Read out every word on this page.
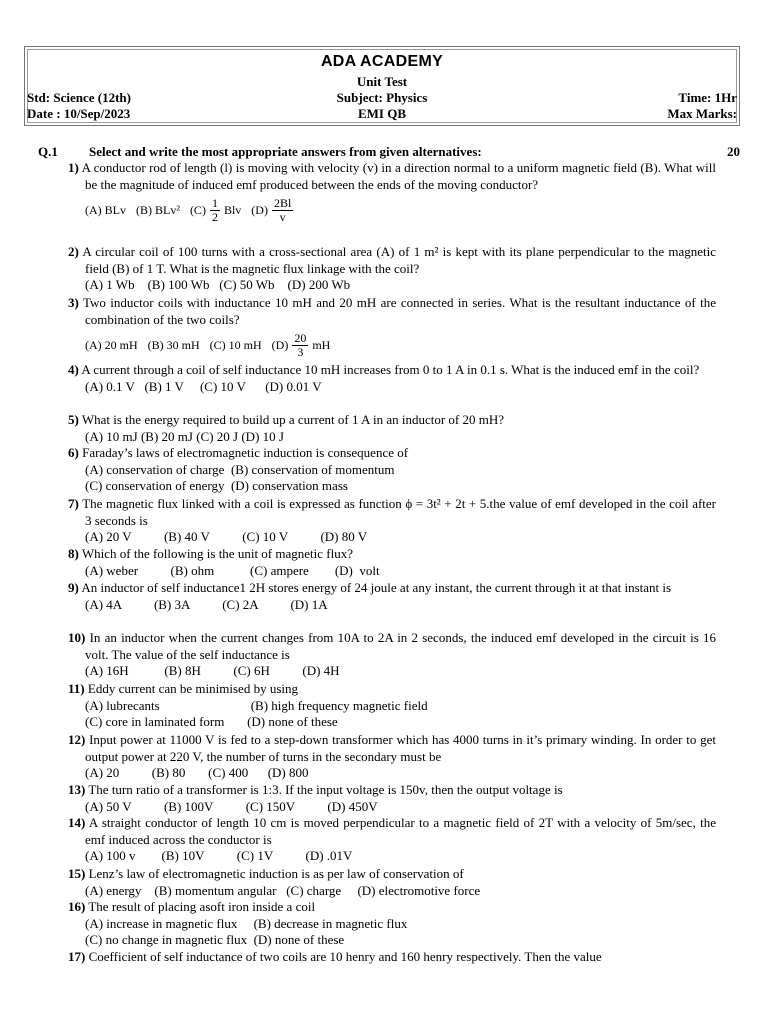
ADA ACADEMY
Unit Test
Std: Science (12th)	Subject: Physics	Time: 1Hr
Date : 10/Sep/2023	EMI QB	Max Marks:
Q.1 Select and write the most appropriate answers from given alternatives:	20
1) A conductor rod of length (l) is moving with velocity (v) in a direction normal to a uniform magnetic field (B). What will be the magnitude of induced emf produced between the ends of the moving conductor?
(A) BLv (B) BLv² $(C) \frac{1}{2}$ Blv $(D) \frac{2Bl}{v}$
2) A circular coil of 100 turns with a cross-sectional area (A) of 1 m² is kept with its plane perpendicular to the magnetic field (B) of 1 T. What is the magnetic flux linkage with the coil?
(A) 1 Wb    (B) 100 Wb   (C) 50 Wb    (D) 200 Wb
3) Two inductor coils with inductance 10 mH and 20 mH are connected in series. What is the resultant inductance of the combination of the two coils?
(A) 20 mH (B) 30 mH (C) 10 mH $(D) \frac{20}{3}$ mH
4) A current through a coil of self inductance 10 mH increases from 0 to 1 A in 0.1 s. What is the induced emf in the coil?
(A) 0.1 V   (B) 1 V     (C) 10 V      (D) 0.01 V
5) What is the energy required to build up a current of 1 A in an inductor of 20 mH?
(A) 10 mJ (B) 20 mJ (C) 20 J (D) 10 J
6) Faraday’s laws of electromagnetic induction is consequence of
(A) conservation of charge  (B) conservation of momentum
(C) conservation of energy  (D) conservation mass
7) The magnetic flux linked with a coil is expressed as function ϕ = 3t² + 2t + 5.the value of emf developed in the coil after 3 seconds is
(A) 20 V          (B) 40 V          (C) 10 V          (D) 80 V
8) Which of the following is the unit of magnetic flux?
(A) weber          (B) ohm           (C) ampere        (D)  volt
9) An inductor of self inductance1 2H stores energy of 24 joule at any instant, the current through it at that instant is
(A) 4A          (B) 3A          (C) 2A          (D) 1A
10) In an inductor when the current changes from 10A to 2A in 2 seconds, the induced emf developed in the circuit is 16 volt. The value of the self inductance is
(A) 16H           (B) 8H          (C) 6H          (D) 4H
11) Eddy current can be minimised by using
(A) lubrecants                            (B) high frequency magnetic field
(C) core in laminated form       (D) none of these
12) Input power at 11000 V is fed to a step-down transformer which has 4000 turns in it’s primary winding. In order to get output power at 220 V, the number of turns in the secondary must be
(A) 20          (B) 80       (C) 400      (D) 800
13) The turn ratio of a transformer is 1:3. If the input voltage is 150v, then the output voltage is
(A) 50 V          (B) 100V          (C) 150V          (D) 450V
14) A straight conductor of length 10 cm is moved perpendicular to a magnetic field of 2T with a velocity of 5m/sec, the emf induced across the conductor is
(A) 100 v        (B) 10V          (C) 1V          (D) .01V
15) Lenz’s law of electromagnetic induction is as per law of conservation of
(A) energy    (B) momentum angular   (C) charge     (D) electromotive force
16) The result of placing asoft iron inside a coil
(A) increase in magnetic flux     (B) decrease in magnetic flux
(C) no change in magnetic flux  (D) none of these
17) Coefficient of self inductance of two coils are 10 henry and 160 henry respectively. Then the value
